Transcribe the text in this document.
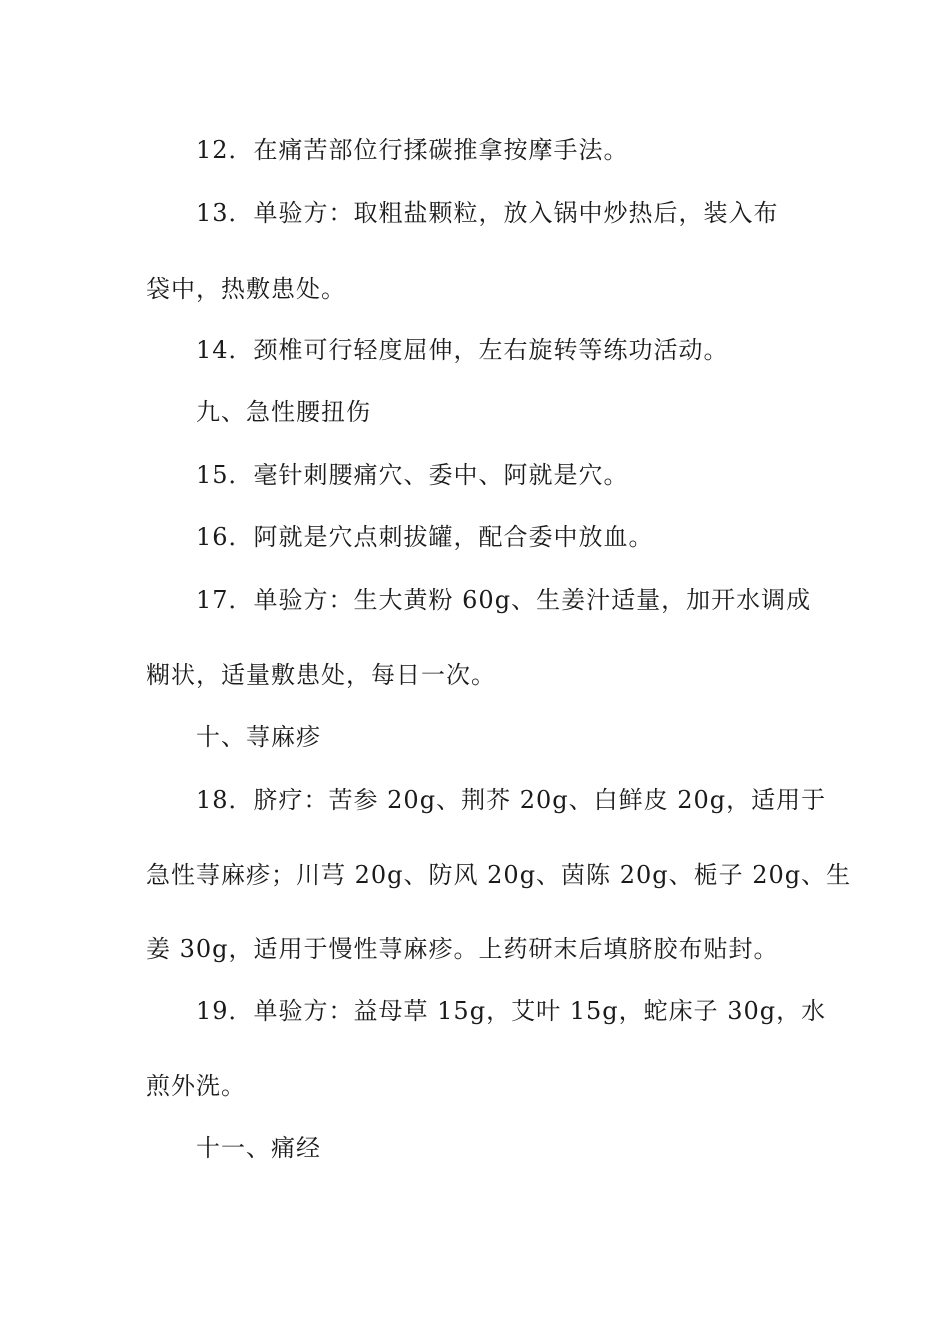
12．在痛苦部位行揉碳推拿按摩手法。
13．单验方：取粗盐颗粒，放入锅中炒热后，装入布
袋中，热敷患处。
14．颈椎可行轻度屈伸，左右旋转等练功活动。
九、急性腰扭伤
15．毫针刺腰痛穴、委中、阿就是穴。
16．阿就是穴点刺拔罐，配合委中放血。
17．单验方：生大黄粉 60g、生姜汁适量，加开水调成
糊状，适量敷患处，每日一次。
十、荨麻疹
18．脐疗：苦参 20g、荆芥 20g、白鲜皮 20g，适用于
急性荨麻疹；川芎 20g、防风 20g、茵陈 20g、栀子 20g、生
姜 30g，适用于慢性荨麻疹。上药研末后填脐胶布贴封。
19．单验方：益母草 15g，艾叶 15g，蛇床子 30g，水
煎外洗。
十一、痛经
